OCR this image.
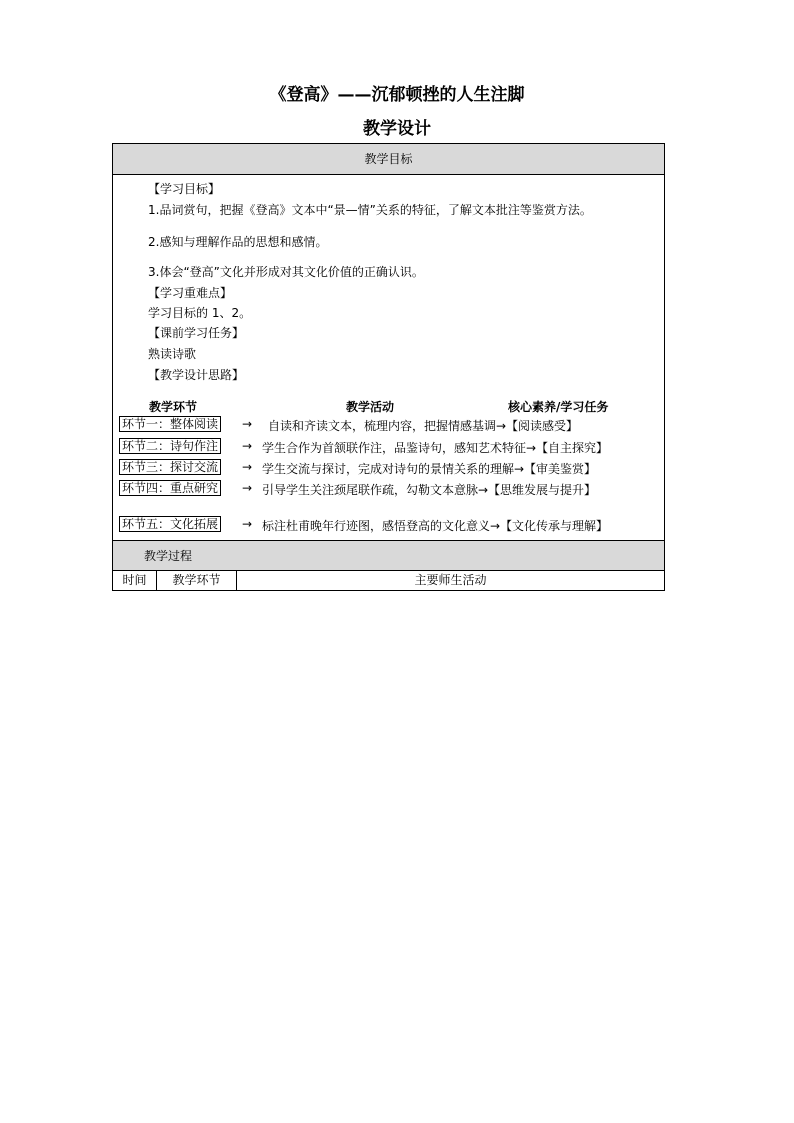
《登高》——沉郁顿挫的人生注脚
教学设计
教学目标
教学过程
时间	教学环节	主要师生活动
【学习目标】
1.品词赏句，把握《登高》文本中“景—情”关系的特征，了解文本批注等鉴赏方法。
2.感知与理解作品的思想和感情。
3.体会“登高”文化并形成对其文化价值的正确认识。
【学习重难点】
学习目标的 1、2。
【课前学习任务】
熟读诗歌
【教学设计思路】
教学环节	教学活动	核心素养/学习任务
环节一：整体阅读 → 自读和齐读文本，梳理内容，把握情感基调→【阅读感受】
环节二：诗句作注 → 学生合作为首颔联作注，品鉴诗句，感知艺术特征→【自主探究】
环节三：探讨交流 → 学生交流与探讨，完成对诗句的景情关系的理解→【审美鉴赏】
环节四：重点研究 → 引导学生关注颈尾联作疏，勾勒文本意脉→【思维发展与提升】
环节五：文化拓展 → 标注杜甫晚年行迹图，感悟登高的文化意义→【文化传承与理解】
